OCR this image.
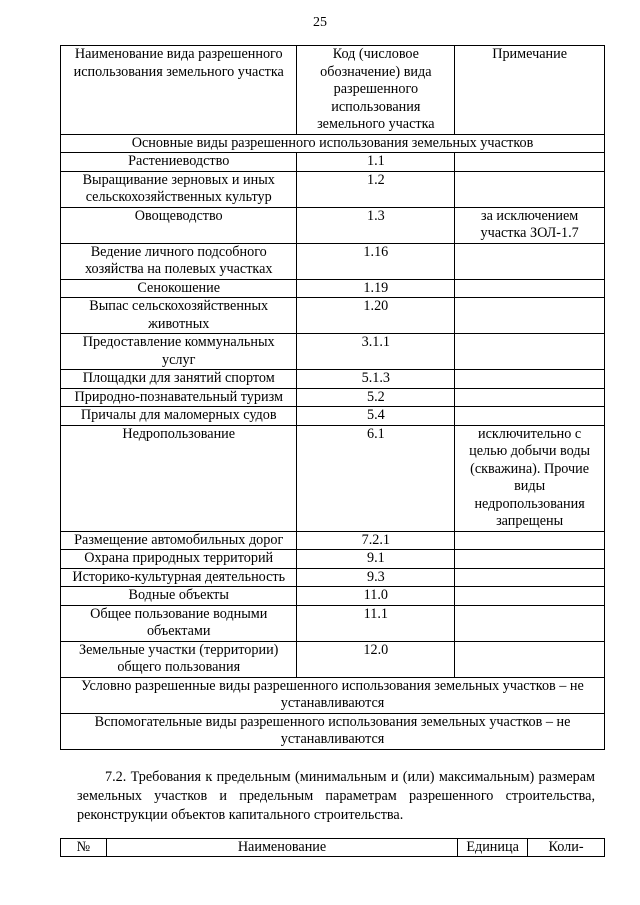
25
Наименование вида разрешенного использования земельного участка	Код (числовое обозначение) вида разрешенного использования земельного участка	Примечание
Основные виды разрешенного использования земельных участков		
Растениеводство	1.1	
Выращивание зерновых и иных сельскохозяйственных культур	1.2	
Овощеводство	1.3	за исключением участка ЗОЛ-1.7
Ведение личного подсобного хозяйства на полевых участках	1.16	
Сенокошение	1.19	
Выпас сельскохозяйственных животных	1.20	
Предоставление коммунальных услуг	3.1.1	
Площадки для занятий спортом	5.1.3	
Природно-познавательный туризм	5.2	
Причалы для маломерных судов	5.4	
Недропользование	6.1	исключительно с целью добычи воды (скважина). Прочие виды недропользования запрещены
Размещение автомобильных дорог	7.2.1	
Охрана природных территорий	9.1	
Историко-культурная деятельность	9.3	
Водные объекты	11.0	
Общее пользование водными объектами	11.1	
Земельные участки (территории) общего пользования	12.0	
Условно разрешенные виды разрешенного использования земельных участков – не устанавливаются		
Вспомогательные виды разрешенного использования земельных участков – не устанавливаются		
7.2. Требования к предельным (минимальным и (или) максимальным) размерам земельных участков и предельным параметрам разрешенного строительства, реконструкции объектов капитального строительства.
№	Наименование	Единица	Коли-
